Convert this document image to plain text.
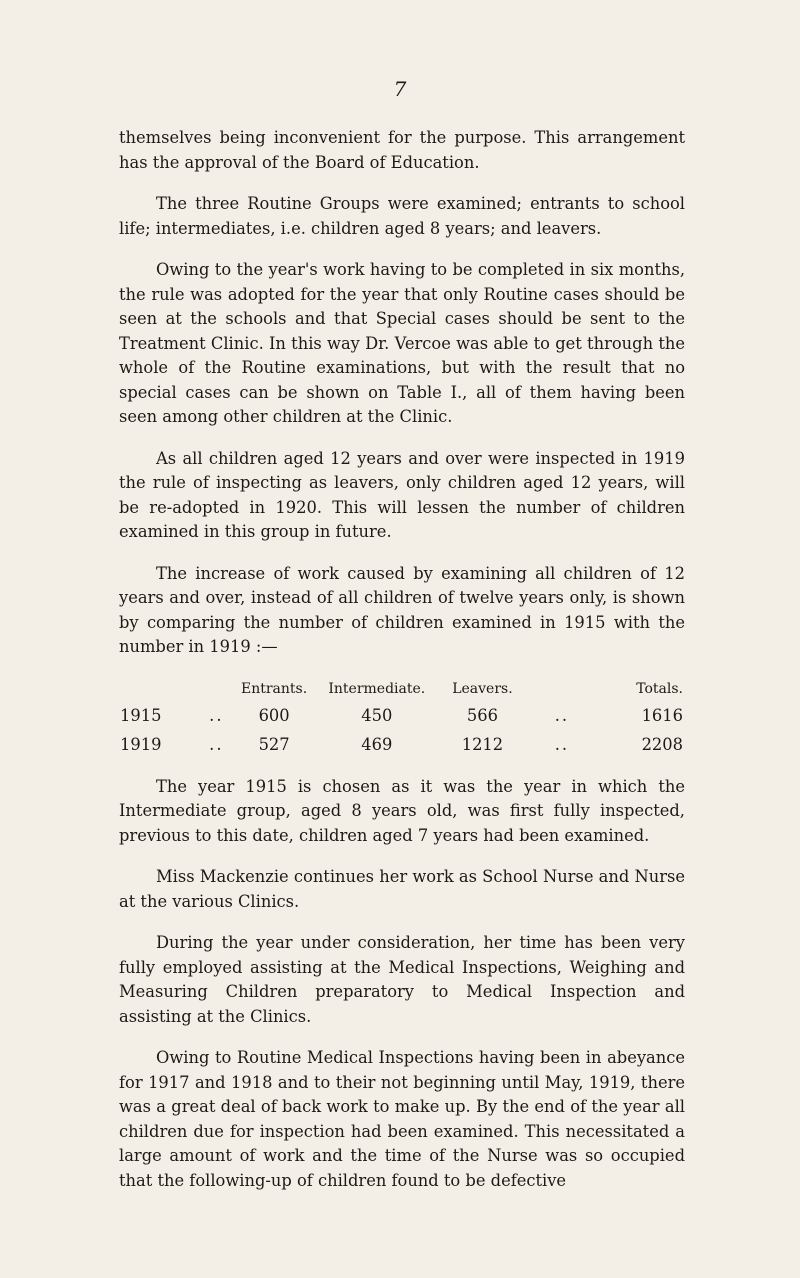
7

themselves being inconvenient for the purpose. This arrangement has the approval of the Board of Education.

The three Routine Groups were examined; entrants to school life; intermediates, i.e. children aged 8 years; and leavers.

Owing to the year's work having to be completed in six months, the rule was adopted for the year that only Routine cases should be seen at the schools and that Special cases should be sent to the Treatment Clinic. In this way Dr. Vercoe was able to get through the whole of the Routine examinations, but with the result that no special cases can be shown on Table I., all of them having been seen among other children at the Clinic.

As all children aged 12 years and over were inspected in 1919 the rule of inspecting as leavers, only children aged 12 years, will be re-adopted in 1920. This will lessen the number of children examined in this group in future.

The increase of work caused by examining all children of 12 years and over, instead of all children of twelve years only, is shown by comparing the number of children examined in 1915 with the number in 1919 :—

		Entrants.	Intermediate.	Leavers.		Totals.
1915	..	600	450	566	..	1616
1919	..	527	469	1212	..	2208

The year 1915 is chosen as it was the year in which the Intermediate group, aged 8 years old, was first fully inspected, previous to this date, children aged 7 years had been examined.

Miss Mackenzie continues her work as School Nurse and Nurse at the various Clinics.

During the year under consideration, her time has been very fully employed assisting at the Medical Inspections, Weighing and Measuring Children preparatory to Medical Inspection and assisting at the Clinics.

Owing to Routine Medical Inspections having been in abeyance for 1917 and 1918 and to their not beginning until May, 1919, there was a great deal of back work to make up. By the end of the year all children due for inspection had been examined. This necessitated a large amount of work and the time of the Nurse was so occupied that the following-up of children found to be defective
